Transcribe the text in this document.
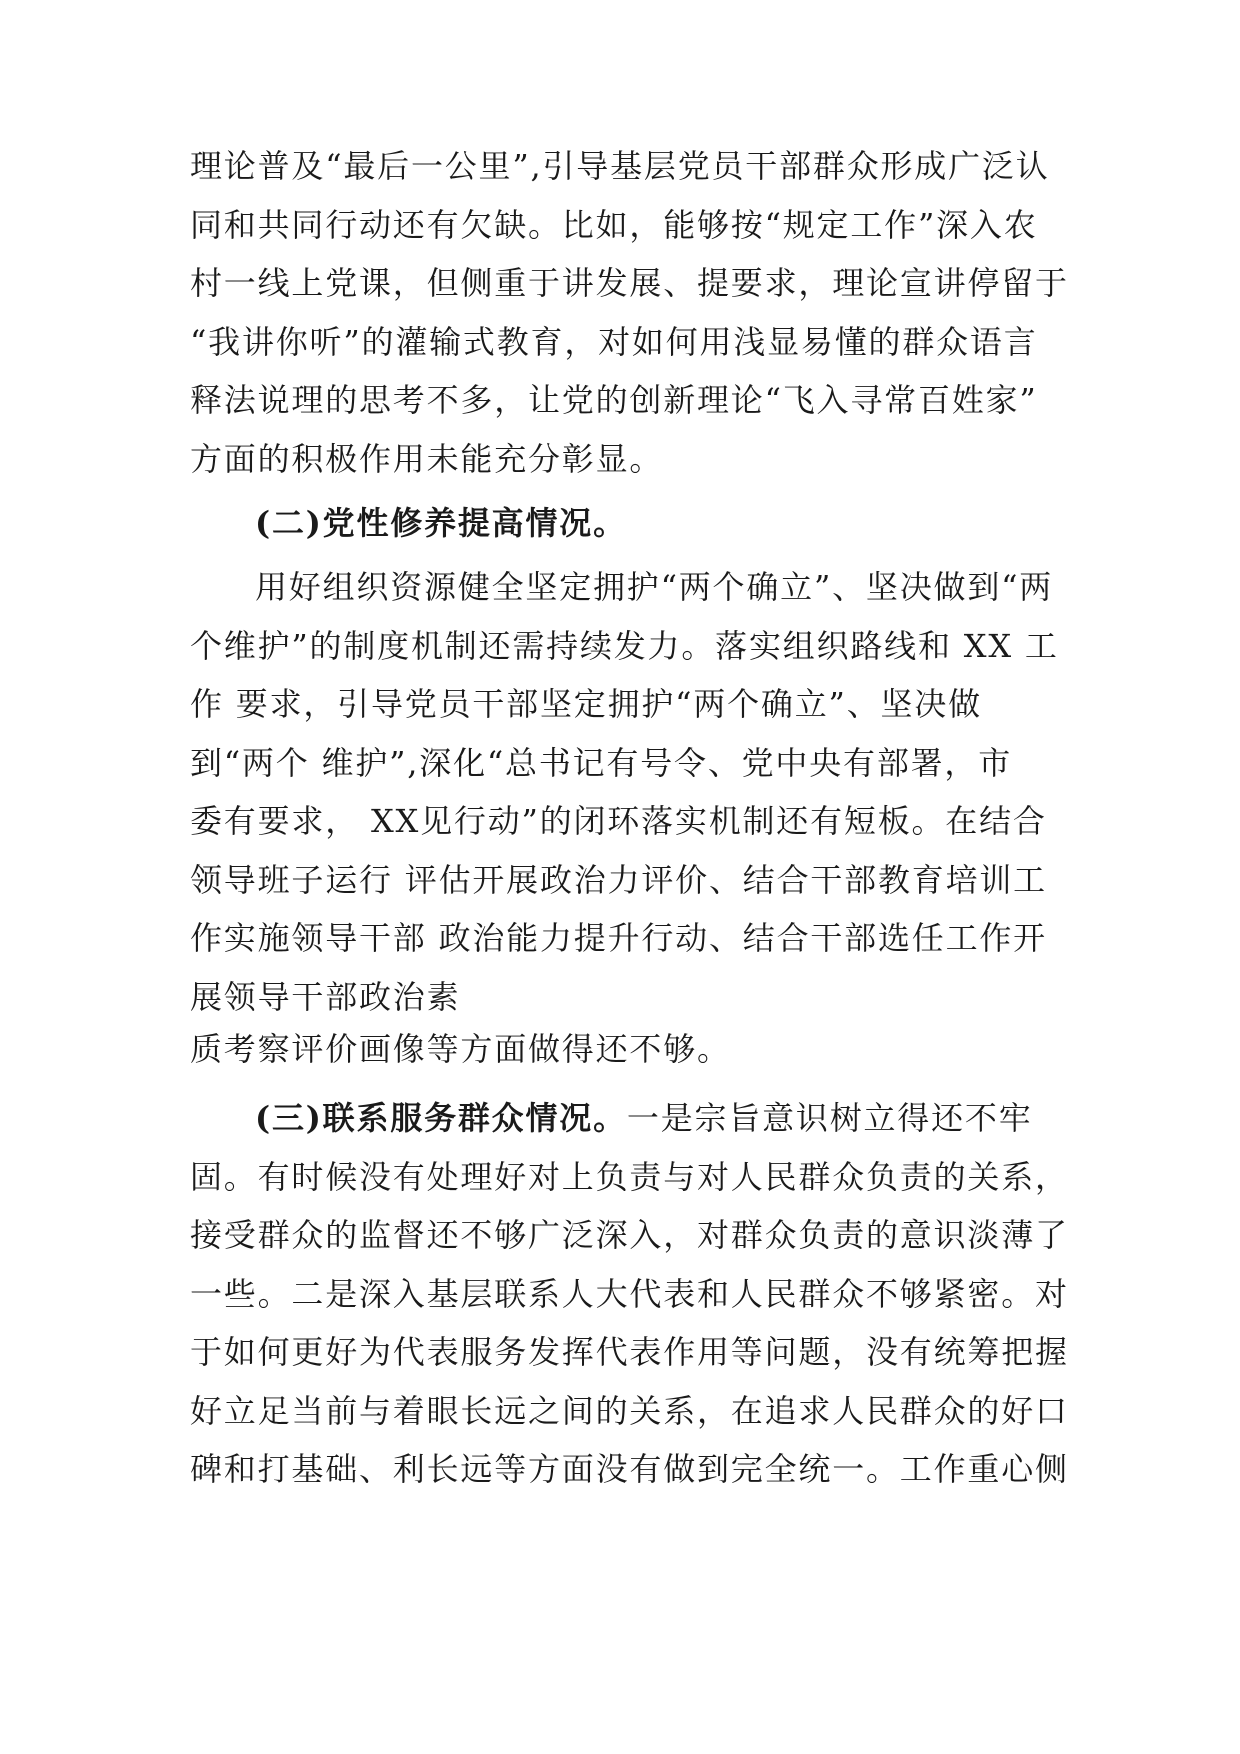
理论普及“最后一公里”,引导基层党员干部群众形成广泛认
同和共同行动还有欠缺。比如，能够按“规定工作”深入农
村一线上党课，但侧重于讲发展、提要求，理论宣讲停留于
“我讲你听”的灌输式教育，对如何用浅显易懂的群众语言
释法说理的思考不多，让党的创新理论“飞入寻常百姓家”
方面的积极作用未能充分彰显。
(二)党性修养提高情况。
用好组织资源健全坚定拥护“两个确立”、坚决做到“两
个维护”的制度机制还需持续发力。落实组织路线和 XX 工
作 要求，引导党员干部坚定拥护“两个确立”、坚决做
到“两个 维护”,深化“总书记有号令、党中央有部署，市
委有要求， XX见行动”的闭环落实机制还有短板。在结合
领导班子运行 评估开展政治力评价、结合干部教育培训工
作实施领导干部 政治能力提升行动、结合干部选任工作开
展领导干部政治素
质考察评价画像等方面做得还不够。
(三)联系服务群众情况。一是宗旨意识树立得还不牢
固。有时候没有处理好对上负责与对人民群众负责的关系，
接受群众的监督还不够广泛深入，对群众负责的意识淡薄了
一些。二是深入基层联系人大代表和人民群众不够紧密。对
于如何更好为代表服务发挥代表作用等问题，没有统筹把握
好立足当前与着眼长远之间的关系，在追求人民群众的好口
碑和打基础、利长远等方面没有做到完全统一。工作重心侧
